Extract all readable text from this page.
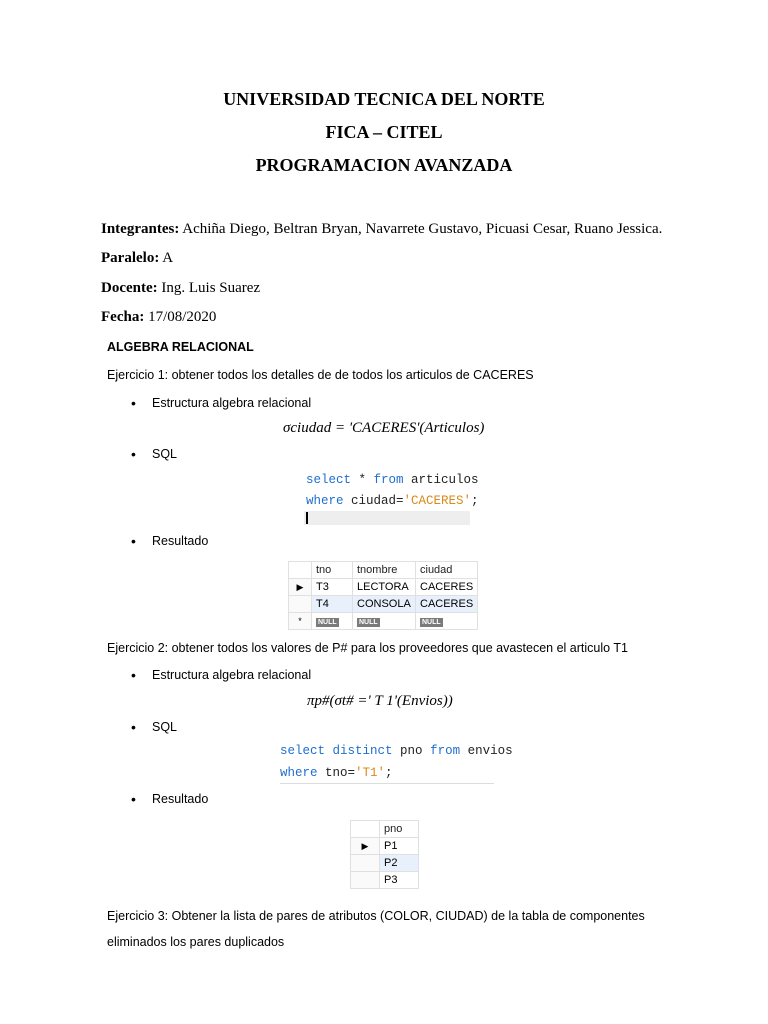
UNIVERSIDAD TECNICA DEL NORTE
FICA – CITEL
PROGRAMACION AVANZADA
Integrantes: Achiña Diego, Beltran Bryan, Navarrete Gustavo, Picuasi Cesar, Ruano Jessica.
Paralelo: A
Docente: Ing. Luis Suarez
Fecha: 17/08/2020
ALGEBRA RELACIONAL
Ejercicio 1: obtener todos los detalles de de todos los articulos de CACERES
• Estructura algebra relacional
σciudad = 'CACERES'(Articulos)
• SQL
select * from articulos
where ciudad='CACERES';
• Resultado
	tno	tnombre	ciudad
▶	T3	LECTORA	CACERES
	T4	CONSOLA	CACERES
*	NULL	NULL	NULL
Ejercicio 2: obtener todos los valores de P# para los proveedores que avastecen el articulo T1
• Estructura algebra relacional
πp#(σt# =' T 1'(Envios))
• SQL
select distinct pno from envios
where tno='T1';
• Resultado
	pno
▶	P1
	P2
	P3
Ejercicio 3: Obtener la lista de pares de atributos (COLOR, CIUDAD) de la tabla de componentes
eliminados los pares duplicados
